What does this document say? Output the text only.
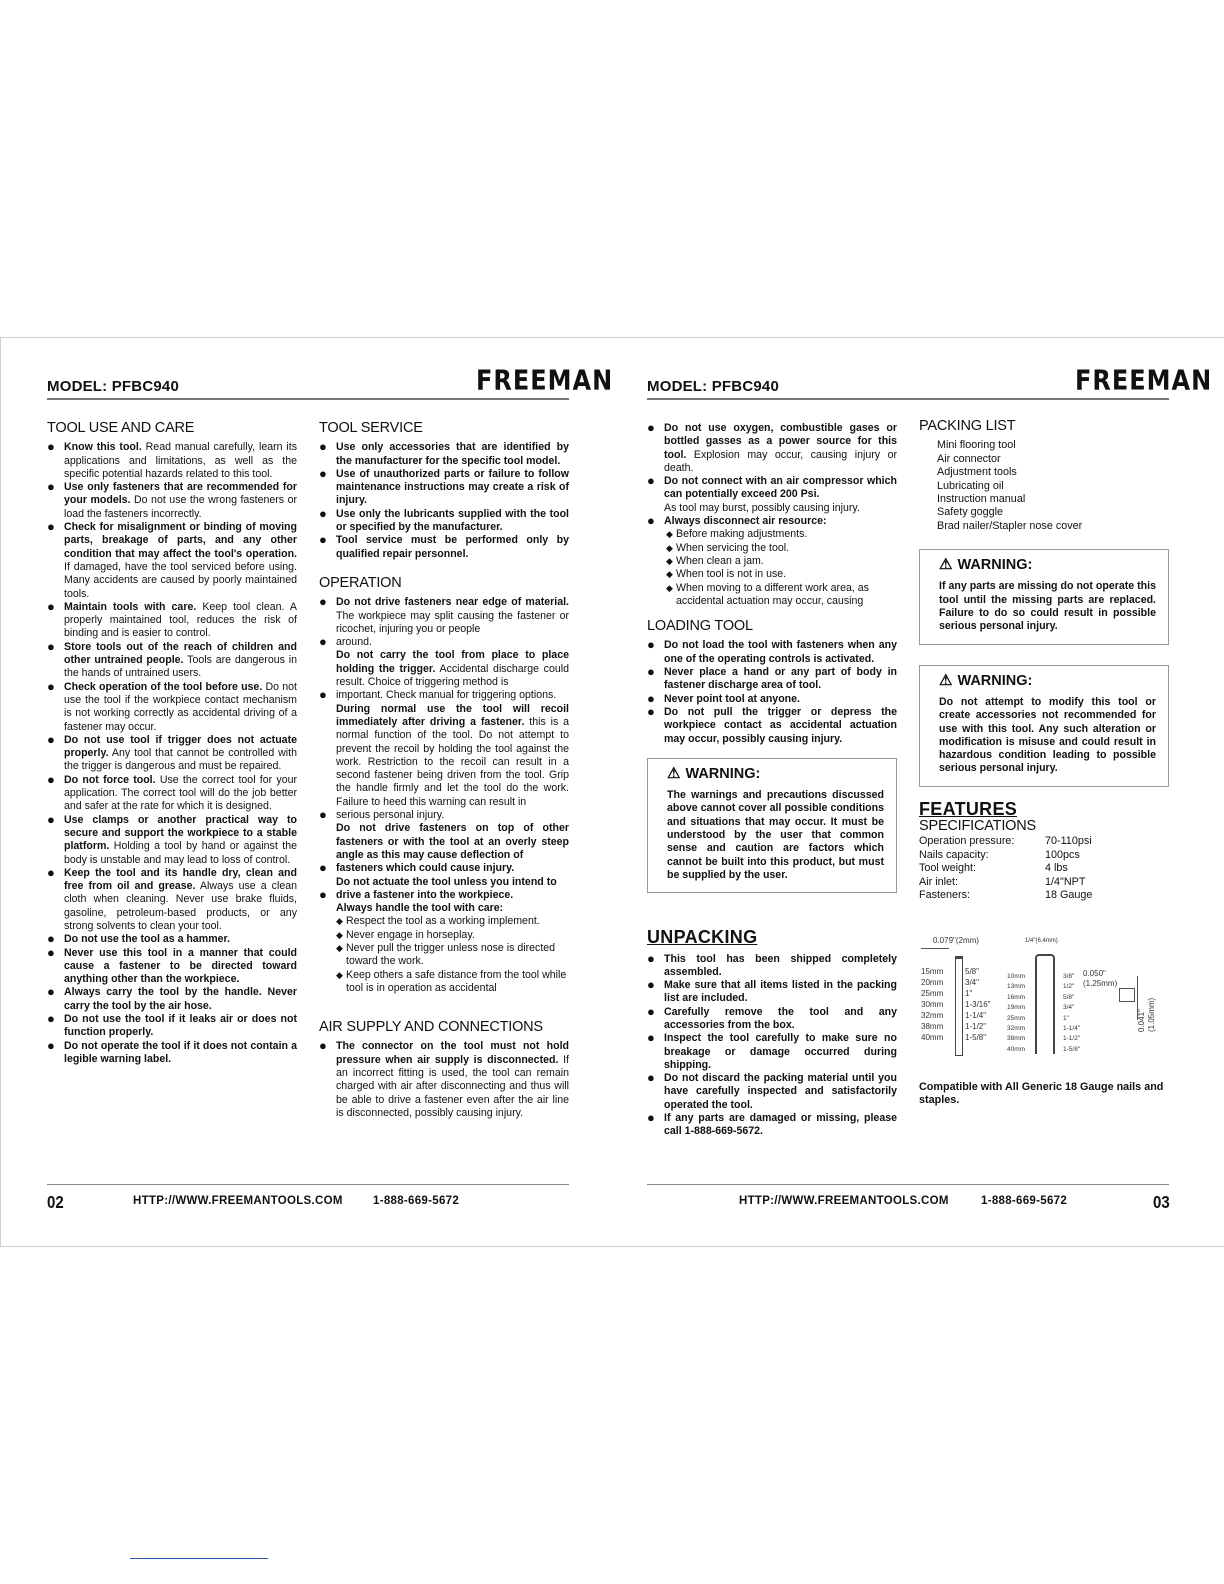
MODEL: PFBC940	FREEMAN MODEL: PFBC940	FREEMAN
TOOL USE AND CARE
● Know this tool. Read manual carefully, learn its applications and limitations, as well as the specific potential hazards related to this tool.
● Use only fasteners that are recommended for your models. Do not use the wrong fasteners or load the fasteners incorrectly.
● Check for misalignment or binding of moving parts, breakage of parts, and any other condition that may affect the tool's operation. If damaged, have the tool serviced before using. Many accidents are caused by poorly maintained tools.
● Maintain tools with care. Keep tool clean. A properly maintained tool, reduces the risk of binding and is easier to control.
● Store tools out of the reach of children and other untrained people. Tools are dangerous in the hands of untrained users.
● Check operation of the tool before use. Do not use the tool if the workpiece contact mechanism is not working correctly as accidental driving of a fastener may occur.
● Do not use tool if trigger does not actuate properly. Any tool that cannot be controlled with the trigger is dangerous and must be repaired.
● Do not force tool. Use the correct tool for your application. The correct tool will do the job better and safer at the rate for which it is designed.
● Use clamps or another practical way to secure and support the workpiece to a stable platform. Holding a tool by hand or against the body is unstable and may lead to loss of control.
● Keep the tool and its handle dry, clean and free from oil and grease. Always use a clean cloth when cleaning. Never use brake fluids, gasoline, petroleum-based products, or any strong solvents to clean your tool.
● Do not use the tool as a hammer.
● Never use this tool in a manner that could cause a fastener to be directed toward anything other than the workpiece.
● Always carry the tool by the handle. Never carry the tool by the air hose.
● Do not use the tool if it leaks air or does not function properly.
● Do not operate the tool if it does not contain a legible warning label.
TOOL SERVICE
● Use only accessories that are identified by the manufacturer for the specific tool model.
● Use of unauthorized parts or failure to follow maintenance instructions may create a risk of injury.
● Use only the lubricants supplied with the tool or specified by the manufacturer.
● Tool service must be performed only by qualified repair personnel.
OPERATION
● Do not drive fasteners near edge of material. The workpiece may split causing the fastener or ricochet, injuring you or people
● around.
Do not carry the tool from place to place holding the trigger. Accidental discharge could result. Choice of triggering method is
● important. Check manual for triggering options.
During normal use the tool will recoil immediately after driving a fastener. this is a normal function of the tool. Do not attempt to prevent the recoil by holding the tool against the work. Restriction to the recoil can result in a second fastener being driven from the tool. Grip the handle firmly and let the tool do the work. Failure to heed this warning can result in
● serious personal injury.
Do not drive fasteners on top of other fasteners or with the tool at an overly steep angle as this may cause deflection of
● fasteners which could cause injury.
Do not actuate the tool unless you intend to
● drive a fastener into the workpiece.
Always handle the tool with care:
◆ Respect the tool as a working implement.
◆ Never engage in horseplay.
◆ Never pull the trigger unless nose is directed toward the work.
◆ Keep others a safe distance from the tool while tool is in operation as accidental
AIR SUPPLY AND CONNECTIONS
● The connector on the tool must not hold pressure when air supply is disconnected. If an incorrect fitting is used, the tool can remain charged with air after disconnecting and thus will be able to drive a fastener even after the air line is disconnected, possibly causing injury.
● Do not use oxygen, combustible gases or bottled gasses as a power source for this tool. Explosion may occur, causing injury or death.
● Do not connect with an air compressor which can potentially exceed 200 Psi.
As tool may burst, possibly causing injury.
● Always disconnect air resource:
◆ Before making adjustments.
◆ When servicing the tool.
◆ When clean a jam.
◆ When tool is not in use.
◆ When moving to a different work area, as accidental actuation may occur, causing
LOADING TOOL
● Do not load the tool with fasteners when any one of the operating controls is activated.
● Never place a hand or any part of body in fastener discharge area of tool.
● Never point tool at anyone.
● Do not pull the trigger or depress the workpiece contact as accidental actuation may occur, possibly causing injury.
⚠ WARNING:
The warnings and precautions discussed above cannot cover all possible conditions and situations that may occur. It must be understood by the user that common sense and caution are factors which cannot be built into this product, but must be supplied by the user.
UNPACKING
● This tool has been shipped completely assembled.
● Make sure that all items listed in the packing list are included.
● Carefully remove the tool and any accessories from the box.
● Inspect the tool carefully to make sure no breakage or damage occurred during shipping.
● Do not discard the packing material until you have carefully inspected and satisfactorily operated the tool.
● If any parts are damaged or missing, please call 1-888-669-5672.
PACKING LIST
Mini flooring tool
Air connector
Adjustment tools
Lubricating oil
Instruction manual
Safety goggle
Brad nailer/Stapler nose cover
⚠ WARNING:
If any parts are missing do not operate this tool until the missing parts are replaced. Failure to do so could result in possible serious personal injury.
⚠ WARNING:
Do not attempt to modify this tool or create accessories not recommended for use with this tool. Any such alteration or modification is misuse and could result in hazardous condition leading to possible serious personal injury.
FEATURES
SPECIFICATIONS
Operation pressure:	70-110psi
Nails capacity:	100pcs
Tool weight:	4 lbs
Air inlet:	1/4"NPT
Fasteners:	18 Gauge
0.079"(2mm)
15mm
20mm
25mm
30mm
32mm
38mm
40mm
5/8"
3/4"
1"
1-3/16"
1-1/4"
1-1/2"
1-5/8"
1/4"(6.4mm)
10mm
13mm
16mm
19mm
25mm
32mm
38mm
40mm
3/8"
1/2"
5/8"
3/4"
1"
1-1/4"
1-1/2"
1-5/8"
0.050"
(1.25mm)
0.041"
(1.05mm)
Compatible with All Generic 18 Gauge nails and staples.
02	HTTP://WWW.FREEMANTOOLS.COM	1-888-669-5672	HTTP://WWW.FREEMANTOOLS.COM	1-888-669-5672	03
